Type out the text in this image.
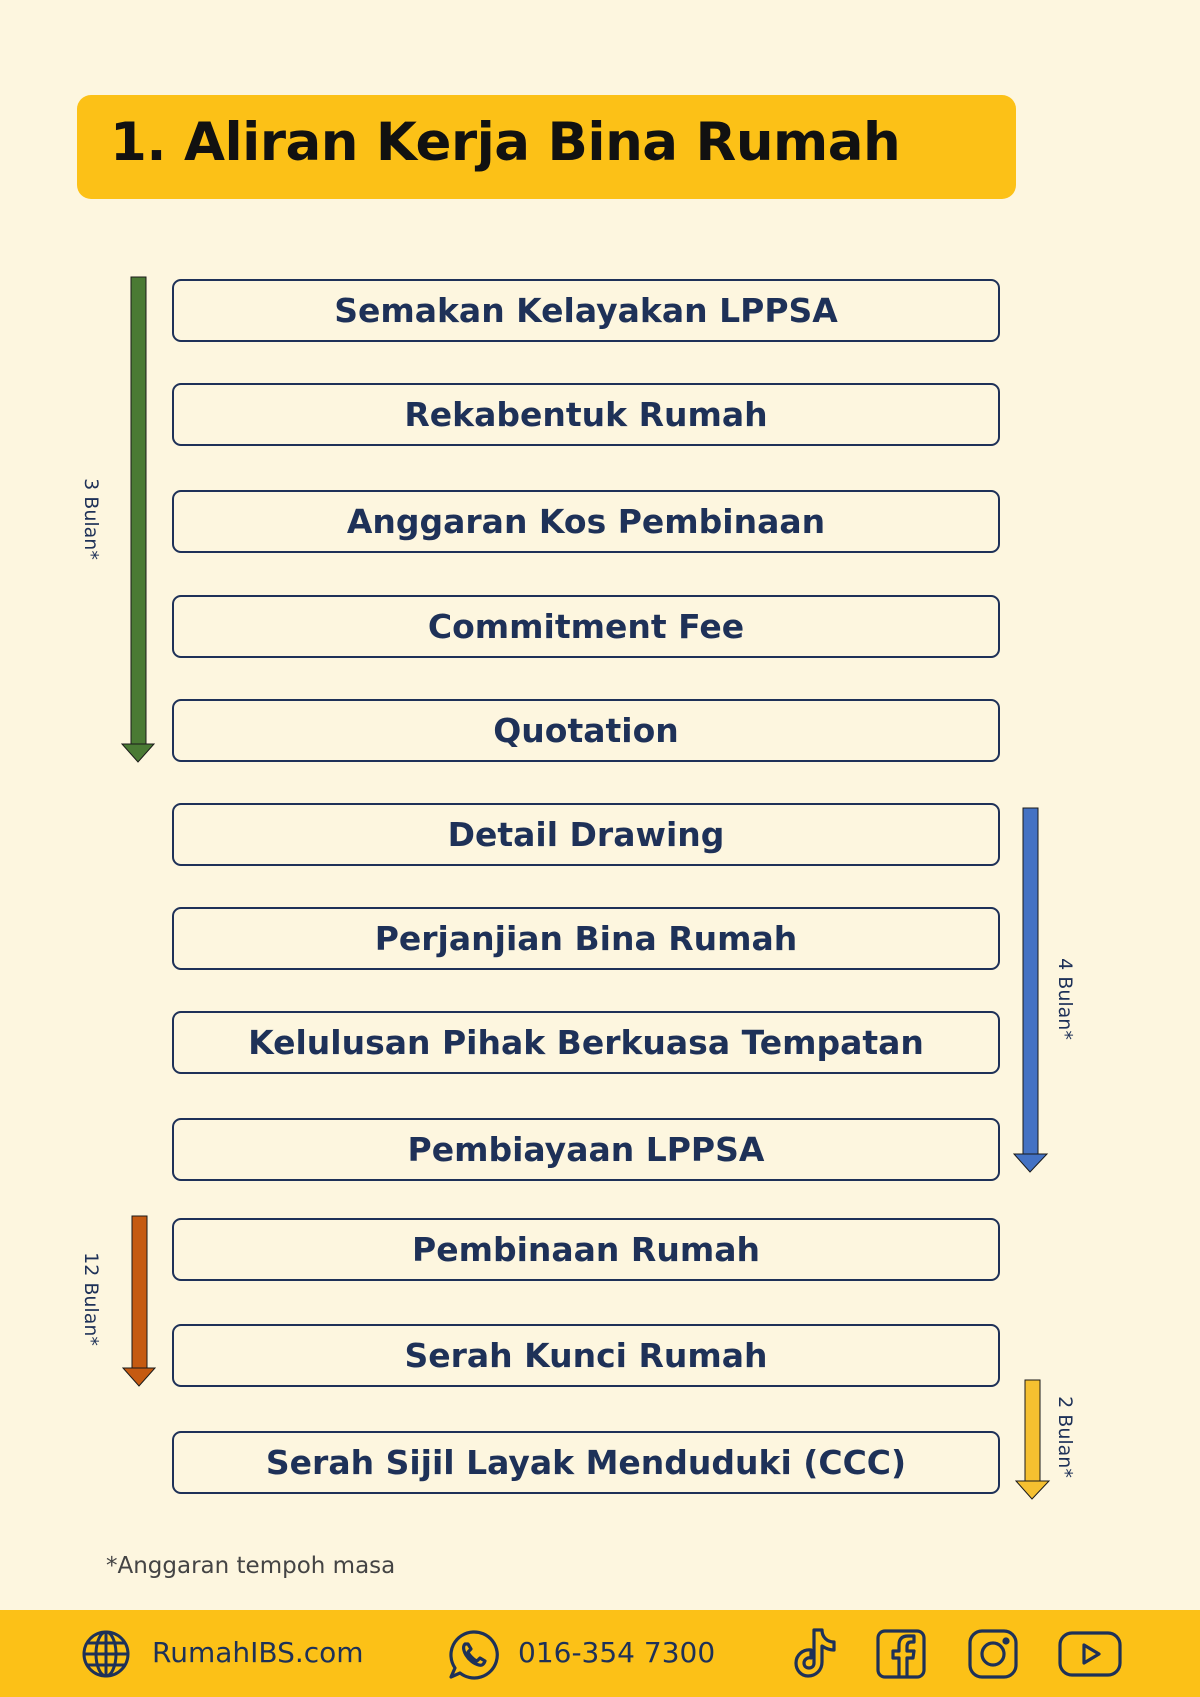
1. Aliran Kerja Bina Rumah
Semakan Kelayakan LPPSA
Rekabentuk Rumah
Anggaran Kos Pembinaan
Commitment Fee
Quotation
Detail Drawing
Perjanjian Bina Rumah
Kelulusan Pihak Berkuasa Tempatan
Pembiayaan LPPSA
Pembinaan Rumah
Serah Kunci Rumah
Serah Sijil Layak Menduduki (CCC)
3 Bulan*
4 Bulan*
12 Bulan*
2 Bulan*
*Anggaran tempoh masa
RumahIBS.com	016-354 7300
